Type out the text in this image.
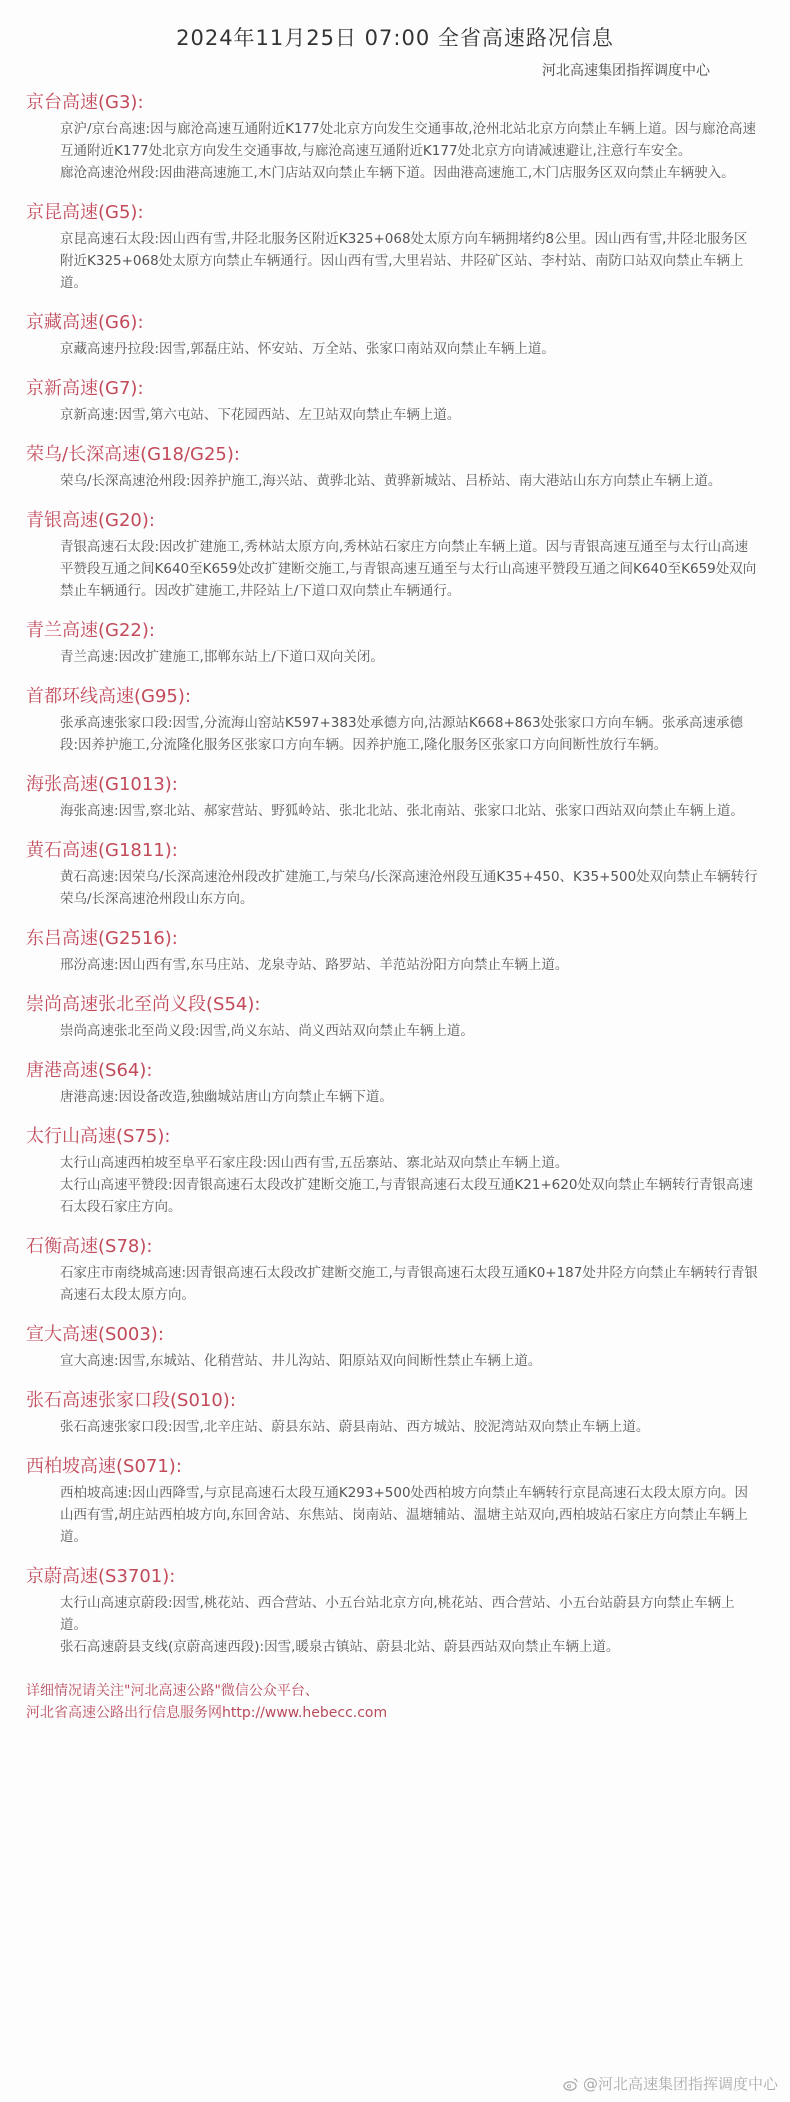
2024年11月25日 07:00 全省高速路况信息
河北高速集团指挥调度中心
京台高速(G3):

京沪/京台高速:因与廊沧高速互通附近K177处北京方向发生交通事故,沧州北站北京方向禁止车辆上道。因与廊沧高速互通附近K177处北京方向发生交通事故,与廊沧高速互通附近K177处北京方向请减速避让,注意行车安全。

廊沧高速沧州段:因曲港高速施工,木门店站双向禁止车辆下道。因曲港高速施工,木门店服务区双向禁止车辆驶入。

京昆高速(G5):

京昆高速石太段:因山西有雪,井陉北服务区附近K325+068处太原方向车辆拥堵约8公里。因山西有雪,井陉北服务区附近K325+068处太原方向禁止车辆通行。因山西有雪,大里岩站、井陉矿区站、李村站、南防口站双向禁止车辆上道。

京藏高速(G6):

京藏高速丹拉段:因雪,郭磊庄站、怀安站、万全站、张家口南站双向禁止车辆上道。

京新高速(G7):

京新高速:因雪,第六屯站、下花园西站、左卫站双向禁止车辆上道。

荣乌/长深高速(G18/G25):

荣乌/长深高速沧州段:因养护施工,海兴站、黄骅北站、黄骅新城站、吕桥站、南大港站山东方向禁止车辆上道。

青银高速(G20):

青银高速石太段:因改扩建施工,秀林站太原方向,秀林站石家庄方向禁止车辆上道。因与青银高速互通至与太行山高速平赞段互通之间K640至K659处改扩建断交施工,与青银高速互通至与太行山高速平赞段互通之间K640至K659处双向禁止车辆通行。因改扩建施工,井陉站上/下道口双向禁止车辆通行。

青兰高速(G22):

青兰高速:因改扩建施工,邯郸东站上/下道口双向关闭。

首都环线高速(G95):

张承高速张家口段:因雪,分流海山窑站K597+383处承德方向,沽源站K668+863处张家口方向车辆。张承高速承德段:因养护施工,分流隆化服务区张家口方向车辆。因养护施工,隆化服务区张家口方向间断性放行车辆。

海张高速(G1013):

海张高速:因雪,察北站、郝家营站、野狐岭站、张北北站、张北南站、张家口北站、张家口西站双向禁止车辆上道。

黄石高速(G1811):

黄石高速:因荣乌/长深高速沧州段改扩建施工,与荣乌/长深高速沧州段互通K35+450、K35+500处双向禁止车辆转行荣乌/长深高速沧州段山东方向。

东吕高速(G2516):

邢汾高速:因山西有雪,东马庄站、龙泉寺站、路罗站、羊范站汾阳方向禁止车辆上道。

崇尚高速张北至尚义段(S54):

崇尚高速张北至尚义段:因雪,尚义东站、尚义西站双向禁止车辆上道。

唐港高速(S64):

唐港高速:因设备改造,独幽城站唐山方向禁止车辆下道。

太行山高速(S75):

太行山高速西柏坡至阜平石家庄段:因山西有雪,五岳寨站、寨北站双向禁止车辆上道。

太行山高速平赞段:因青银高速石太段改扩建断交施工,与青银高速石太段互通K21+620处双向禁止车辆转行青银高速石太段石家庄方向。

石衡高速(S78):

石家庄市南绕城高速:因青银高速石太段改扩建断交施工,与青银高速石太段互通K0+187处井陉方向禁止车辆转行青银高速石太段太原方向。

宣大高速(S003):

宣大高速:因雪,东城站、化稍营站、井儿沟站、阳原站双向间断性禁止车辆上道。

张石高速张家口段(S010):

张石高速张家口段:因雪,北辛庄站、蔚县东站、蔚县南站、西方城站、胶泥湾站双向禁止车辆上道。

西柏坡高速(S071):

西柏坡高速:因山西降雪,与京昆高速石太段互通K293+500处西柏坡方向禁止车辆转行京昆高速石太段太原方向。因山西有雪,胡庄站西柏坡方向,东回舍站、东焦站、岗南站、温塘辅站、温塘主站双向,西柏坡站石家庄方向禁止车辆上道。

京蔚高速(S3701):

太行山高速京蔚段:因雪,桃花站、西合营站、小五台站北京方向,桃花站、西合营站、小五台站蔚县方向禁止车辆上道。

张石高速蔚县支线(京蔚高速西段):因雪,暖泉古镇站、蔚县北站、蔚县西站双向禁止车辆上道。

详细情况请关注"河北高速公路"微信公众平台、

河北省高速公路出行信息服务网http://www.hebecc.com

@河北高速集团指挥调度中心
